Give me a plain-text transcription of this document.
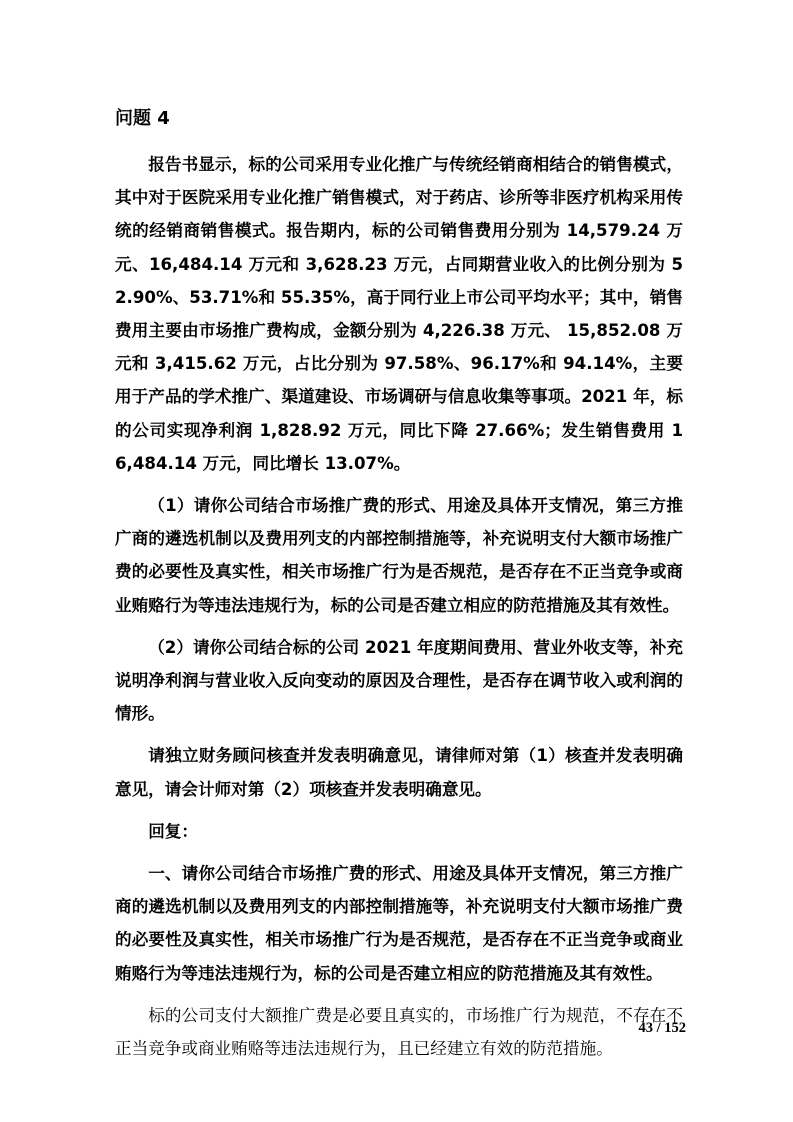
问题 4

报告书显示，标的公司采用专业化推广与传统经销商相结合的销售模式，其中对于医院采用专业化推广销售模式，对于药店、诊所等非医疗机构采用传统的经销商销售模式。报告期内，标的公司销售费用分别为 14,579.24 万元、16,484.14 万元和 3,628.23 万元，占同期营业收入的比例分别为 52.90%、53.71%和 55.35%，高于同行业上市公司平均水平；其中，销售费用主要由市场推广费构成，金额分别为 4,226.38 万元、 15,852.08 万元和 3,415.62 万元，占比分别为 97.58%、96.17%和 94.14%，主要用于产品的学术推广、渠道建设、市场调研与信息收集等事项。2021 年，标的公司实现净利润 1,828.92 万元，同比下降 27.66%；发生销售费用 16,484.14 万元，同比增长 13.07%。

（1）请你公司结合市场推广费的形式、用途及具体开支情况，第三方推广商的遴选机制以及费用列支的内部控制措施等，补充说明支付大额市场推广费的必要性及真实性，相关市场推广行为是否规范，是否存在不正当竞争或商业贿赂行为等违法违规行为，标的公司是否建立相应的防范措施及其有效性。

（2）请你公司结合标的公司 2021 年度期间费用、营业外收支等，补充说明净利润与营业收入反向变动的原因及合理性，是否存在调节收入或利润的情形。

请独立财务顾问核查并发表明确意见，请律师对第（1）核查并发表明确意见，请会计师对第（2）项核查并发表明确意见。

回复：

一、请你公司结合市场推广费的形式、用途及具体开支情况，第三方推广商的遴选机制以及费用列支的内部控制措施等，补充说明支付大额市场推广费的必要性及真实性，相关市场推广行为是否规范，是否存在不正当竞争或商业贿赂行为等违法违规行为，标的公司是否建立相应的防范措施及其有效性。

标的公司支付大额推广费是必要且真实的，市场推广行为规范，不存在不正当竞争或商业贿赂等违法违规行为，且已经建立有效的防范措施。

43 / 152
